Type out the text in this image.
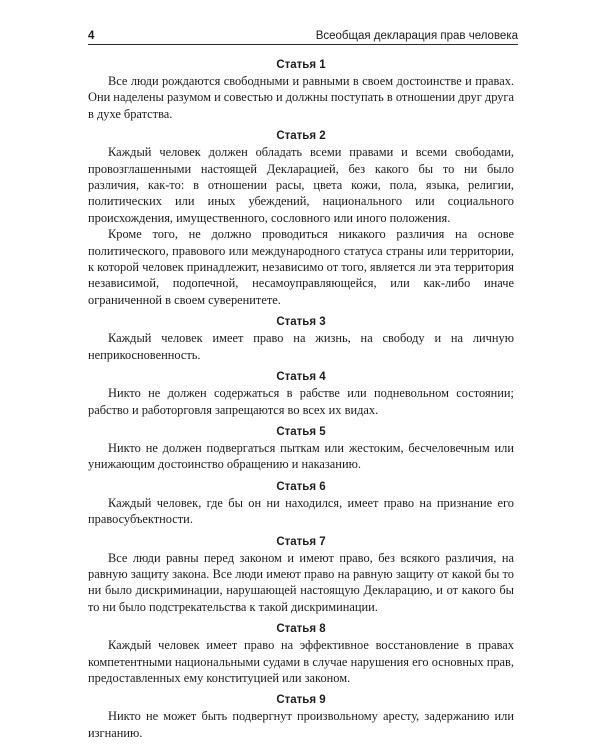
4	Всеобщая декларация прав человека
Статья 1

Все люди рождаются свободными и равными в своем достоинстве и правах. Они наделены разумом и совестью и должны поступать в отношении друг друга в духе братства.

Статья 2

Каждый человек должен обладать всеми правами и всеми свободами, провозглашенными настоящей Декларацией, без какого бы то ни было различия, как-то: в отношении расы, цвета кожи, пола, языка, религии, политических или иных убеждений, национального или социального происхождения, имущественного, сословного или иного положения.

Кроме того, не должно проводиться никакого различия на основе политического, правового или международного статуса страны или территории, к которой человек принадлежит, независимо от того, является ли эта территория независимой, подопечной, несамоуправляющейся, или как-либо иначе ограниченной в своем суверенитете.

Статья 3

Каждый человек имеет право на жизнь, на свободу и на личную неприкосновенность.

Статья 4

Никто не должен содержаться в рабстве или подневольном состоянии; рабство и работорговля запрещаются во всех их видах.

Статья 5

Никто не должен подвергаться пыткам или жестоким, бесчеловечным или унижающим достоинство обращению и наказанию.

Статья 6

Каждый человек, где бы он ни находился, имеет право на признание его правосубъектности.

Статья 7

Все люди равны перед законом и имеют право, без всякого различия, на равную защиту закона. Все люди имеют право на равную защиту от какой бы то ни было дискриминации, нарушающей настоящую Декларацию, и от какого бы то ни было подстрекательства к такой дискриминации.

Статья 8

Каждый человек имеет право на эффективное восстановление в правах компетентными национальными судами в случае нарушения его основных прав, предоставленных ему конституцией или законом.

Статья 9

Никто не может быть подвергнут произвольному аресту, задержанию или изгнанию.
